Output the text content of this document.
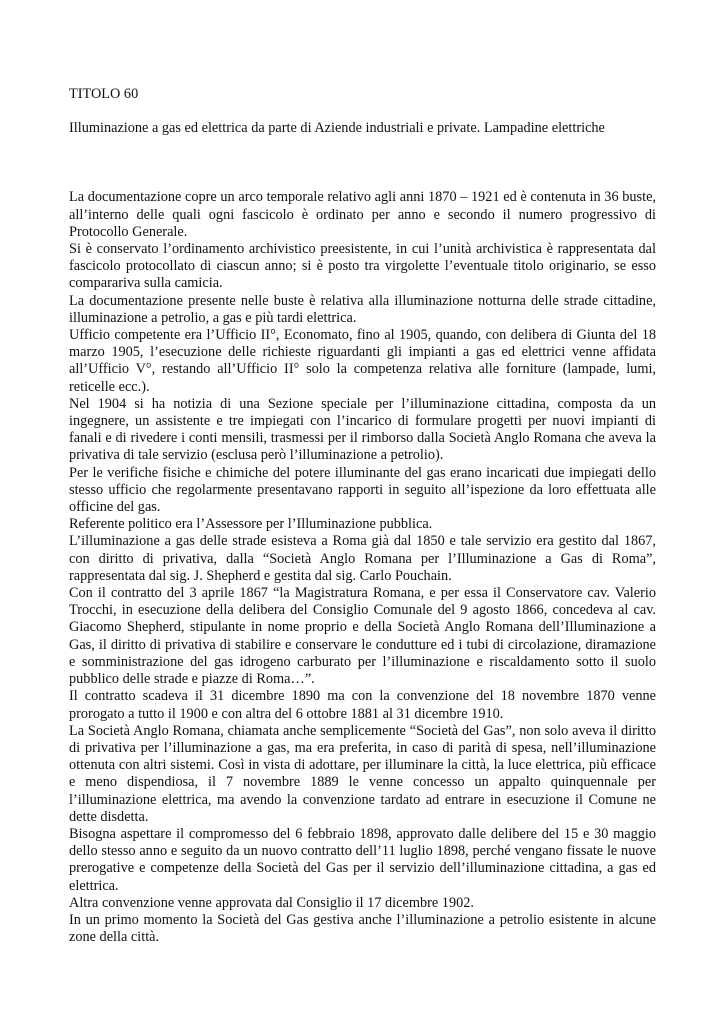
TITOLO 60

Illuminazione a gas ed elettrica da parte di Aziende industriali e private. Lampadine elettriche

La documentazione copre un arco temporale relativo agli anni 1870 – 1921 ed è contenuta in 36 buste, all’interno delle quali ogni fascicolo è ordinato per anno e secondo il numero progressivo di Protocollo Generale.

Si è conservato l’ordinamento archivistico preesistente, in cui l’unità archivistica è rappresentata dal fascicolo protocollato di ciascun anno; si è posto tra virgolette l’eventuale titolo originario, se esso comparariva sulla camicia.

La documentazione presente nelle buste è relativa alla illuminazione notturna delle strade cittadine, illuminazione a petrolio, a gas e più tardi elettrica.

Ufficio competente era l’Ufficio II°, Economato, fino al 1905, quando, con delibera di Giunta del 18 marzo 1905, l’esecuzione delle richieste riguardanti gli impianti a gas ed elettrici venne affidata all’Ufficio V°, restando all’Ufficio II° solo la competenza relativa alle forniture (lampade, lumi, reticelle ecc.).

Nel 1904 si ha notizia di una Sezione speciale per l’illuminazione cittadina, composta da un ingegnere, un assistente e tre impiegati con l’incarico di formulare progetti per nuovi impianti di fanali e di rivedere i conti mensili, trasmessi per il rimborso dalla Società Anglo Romana che aveva la privativa di tale servizio (esclusa però l’illuminazione a petrolio).

Per le verifiche fisiche e chimiche del potere illuminante del gas erano incaricati due impiegati dello stesso ufficio che regolarmente presentavano rapporti in seguito all’ispezione da loro effettuata alle officine del gas.

Referente politico era l’Assessore per l’Illuminazione pubblica.

L’illuminazione a gas delle strade esisteva a Roma già dal 1850 e tale servizio era gestito dal 1867, con diritto di privativa, dalla “Società Anglo Romana per l’Illuminazione a Gas di Roma”, rappresentata dal sig. J. Shepherd e gestita dal sig. Carlo Pouchain.

Con il contratto del 3 aprile 1867 “la Magistratura Romana, e per essa il Conservatore cav. Valerio Trocchi, in esecuzione della delibera del Consiglio Comunale del 9 agosto 1866, concedeva al cav. Giacomo Shepherd, stipulante in nome proprio e della Società Anglo Romana dell’Illuminazione a Gas, il diritto di privativa di stabilire e conservare le condutture ed i tubi di circolazione, diramazione e somministrazione del gas idrogeno carburato per l’illuminazione e riscaldamento sotto il suolo pubblico delle strade e piazze di Roma…”.

Il contratto scadeva il 31 dicembre 1890 ma con la convenzione del 18 novembre 1870 venne prorogato a tutto il 1900 e con altra del 6 ottobre 1881 al 31 dicembre 1910.

La Società Anglo Romana, chiamata anche semplicemente “Società del Gas”, non solo aveva il diritto di privativa per l’illuminazione a gas, ma era preferita, in caso di parità di spesa, nell’illuminazione ottenuta con altri sistemi. Così in vista di adottare, per illuminare la città, la luce elettrica, più efficace e meno dispendiosa, il 7 novembre 1889 le venne concesso un appalto quinquennale per l’illuminazione elettrica, ma avendo la convenzione tardato ad entrare in esecuzione il Comune ne dette disdetta.

Bisogna aspettare il compromesso del 6 febbraio 1898, approvato dalle delibere del 15 e 30 maggio dello stesso anno e seguito da un nuovo contratto dell’11 luglio 1898, perché vengano fissate le nuove prerogative e competenze della Società del Gas per il servizio dell’illuminazione cittadina, a gas ed elettrica.

Altra convenzione venne approvata dal Consiglio il 17 dicembre 1902.

In un primo momento la Società del Gas gestiva anche l’illuminazione a petrolio esistente in alcune zone della città.
